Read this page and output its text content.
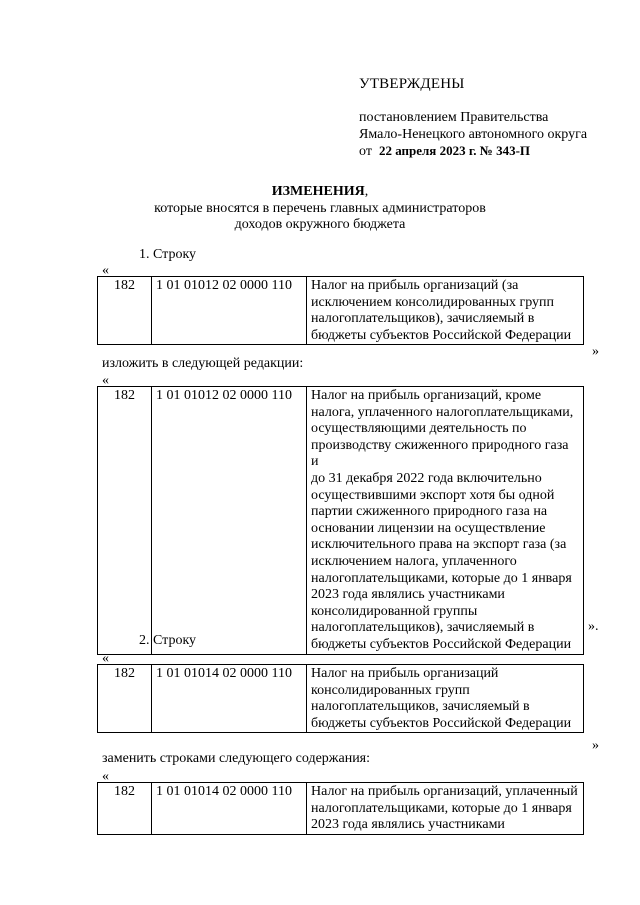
УТВЕРЖДЕНЫ
постановлением Правительства
Ямало-Ненецкого автономного округа
от 22 апреля 2023 г. № 343-П
ИЗМЕНЕНИЯ,
которые вносятся в перечень главных администраторов
доходов окружного бюджета
1. Строку
«
182	1 01 01012 02 0000 110	Налог на прибыль организаций (за
исключением консолидированных групп
налогоплательщиков), зачисляемый в
бюджеты субъектов Российской Федерации
»
изложить в следующей редакции:
«
182	1 01 01012 02 0000 110	Налог на прибыль организаций, кроме
налога, уплаченного налогоплательщиками,
осуществляющими деятельность по
производству сжиженного природного газа и
до 31 декабря 2022 года включительно
осуществившими экспорт хотя бы одной
партии сжиженного природного газа на
основании лицензии на осуществление
исключительного права на экспорт газа (за
исключением налога, уплаченного
налогоплательщиками, которые до 1 января
2023 года являлись участниками
консолидированной группы
налогоплательщиков), зачисляемый в
бюджеты субъектов Российской Федерации
».
2. Строку
«
182	1 01 01014 02 0000 110	Налог на прибыль организаций
консолидированных групп
налогоплательщиков, зачисляемый в
бюджеты субъектов Российской Федерации
»
заменить строками следующего содержания:
«
182	1 01 01014 02 0000 110	Налог на прибыль организаций, уплаченный
налогоплательщиками, которые до 1 января
2023 года являлись участниками
